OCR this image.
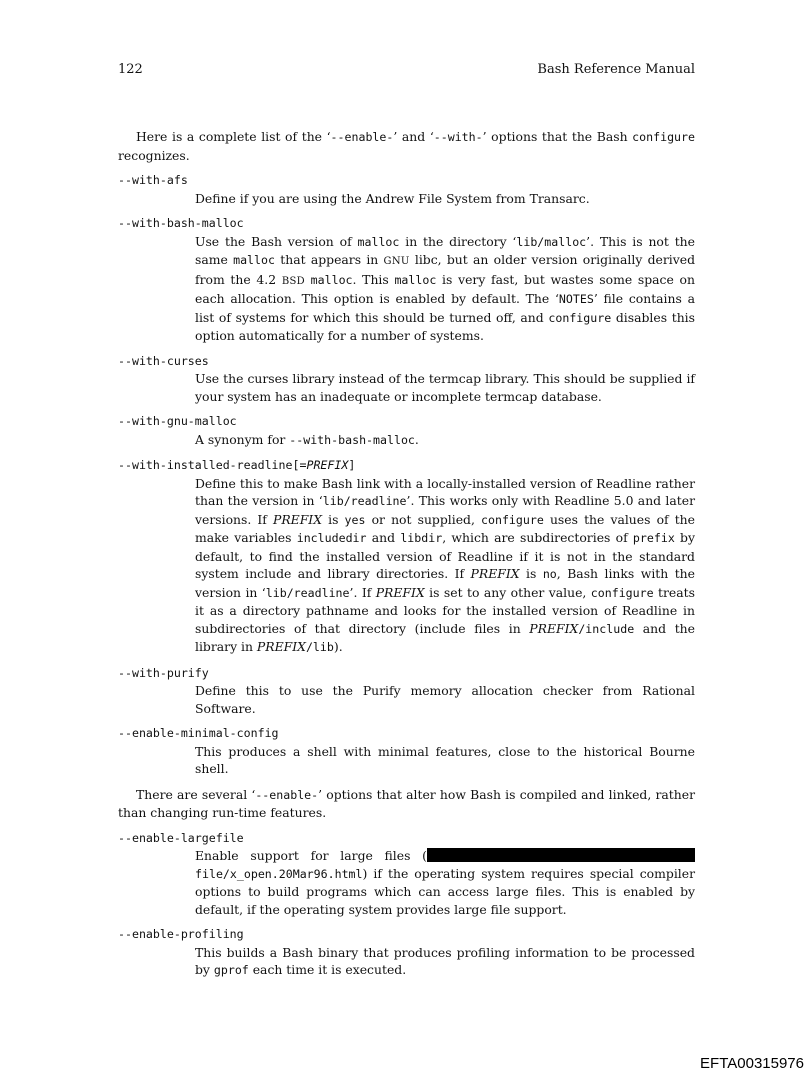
122	Bash Reference Manual

Here is a complete list of the ‘--enable-’ and ‘--with-’ options that the Bash configure recognizes.

--with-afs
Define if you are using the Andrew File System from Transarc.
--with-bash-malloc
Use the Bash version of malloc in the directory ‘lib/malloc’. This is not the same malloc that appears in GNU libc, but an older version originally derived from the 4.2 BSD malloc. This malloc is very fast, but wastes some space on each allocation. This option is enabled by default. The ‘NOTES’ file contains a list of systems for which this should be turned off, and configure disables this option automatically for a number of systems.
--with-curses
Use the curses library instead of the termcap library. This should be supplied if your system has an inadequate or incomplete termcap database.
--with-gnu-malloc
A synonym for --with-bash-malloc.
--with-installed-readline[=PREFIX]
Define this to make Bash link with a locally-installed version of Readline rather than the version in ‘lib/readline’. This works only with Readline 5.0 and later versions. If PREFIX is yes or not supplied, configure uses the values of the make variables includedir and libdir, which are subdirectories of prefix by default, to find the installed version of Readline if it is not in the standard system include and library directories. If PREFIX is no, Bash links with the version in ‘lib/readline’. If PREFIX is set to any other value, configure treats it as a directory pathname and looks for the installed version of Readline in subdirectories of that directory (include files in PREFIX/include and the library in PREFIX/lib).
--with-purify
Define this to use the Purify memory allocation checker from Rational Software.
--enable-minimal-config
This produces a shell with minimal features, close to the historical Bourne shell.

There are several ‘--enable-’ options that alter how Bash is compiled and linked, rather than changing run-time features.

--enable-largefile
Enable support for large files (file/x_open.20Mar96.html) if the operating system requires special compiler options to build programs which can access large files. This is enabled by default, if the operating system provides large file support.
--enable-profiling
This builds a Bash binary that produces profiling information to be processed by gprof each time it is executed.
EFTA00315976
